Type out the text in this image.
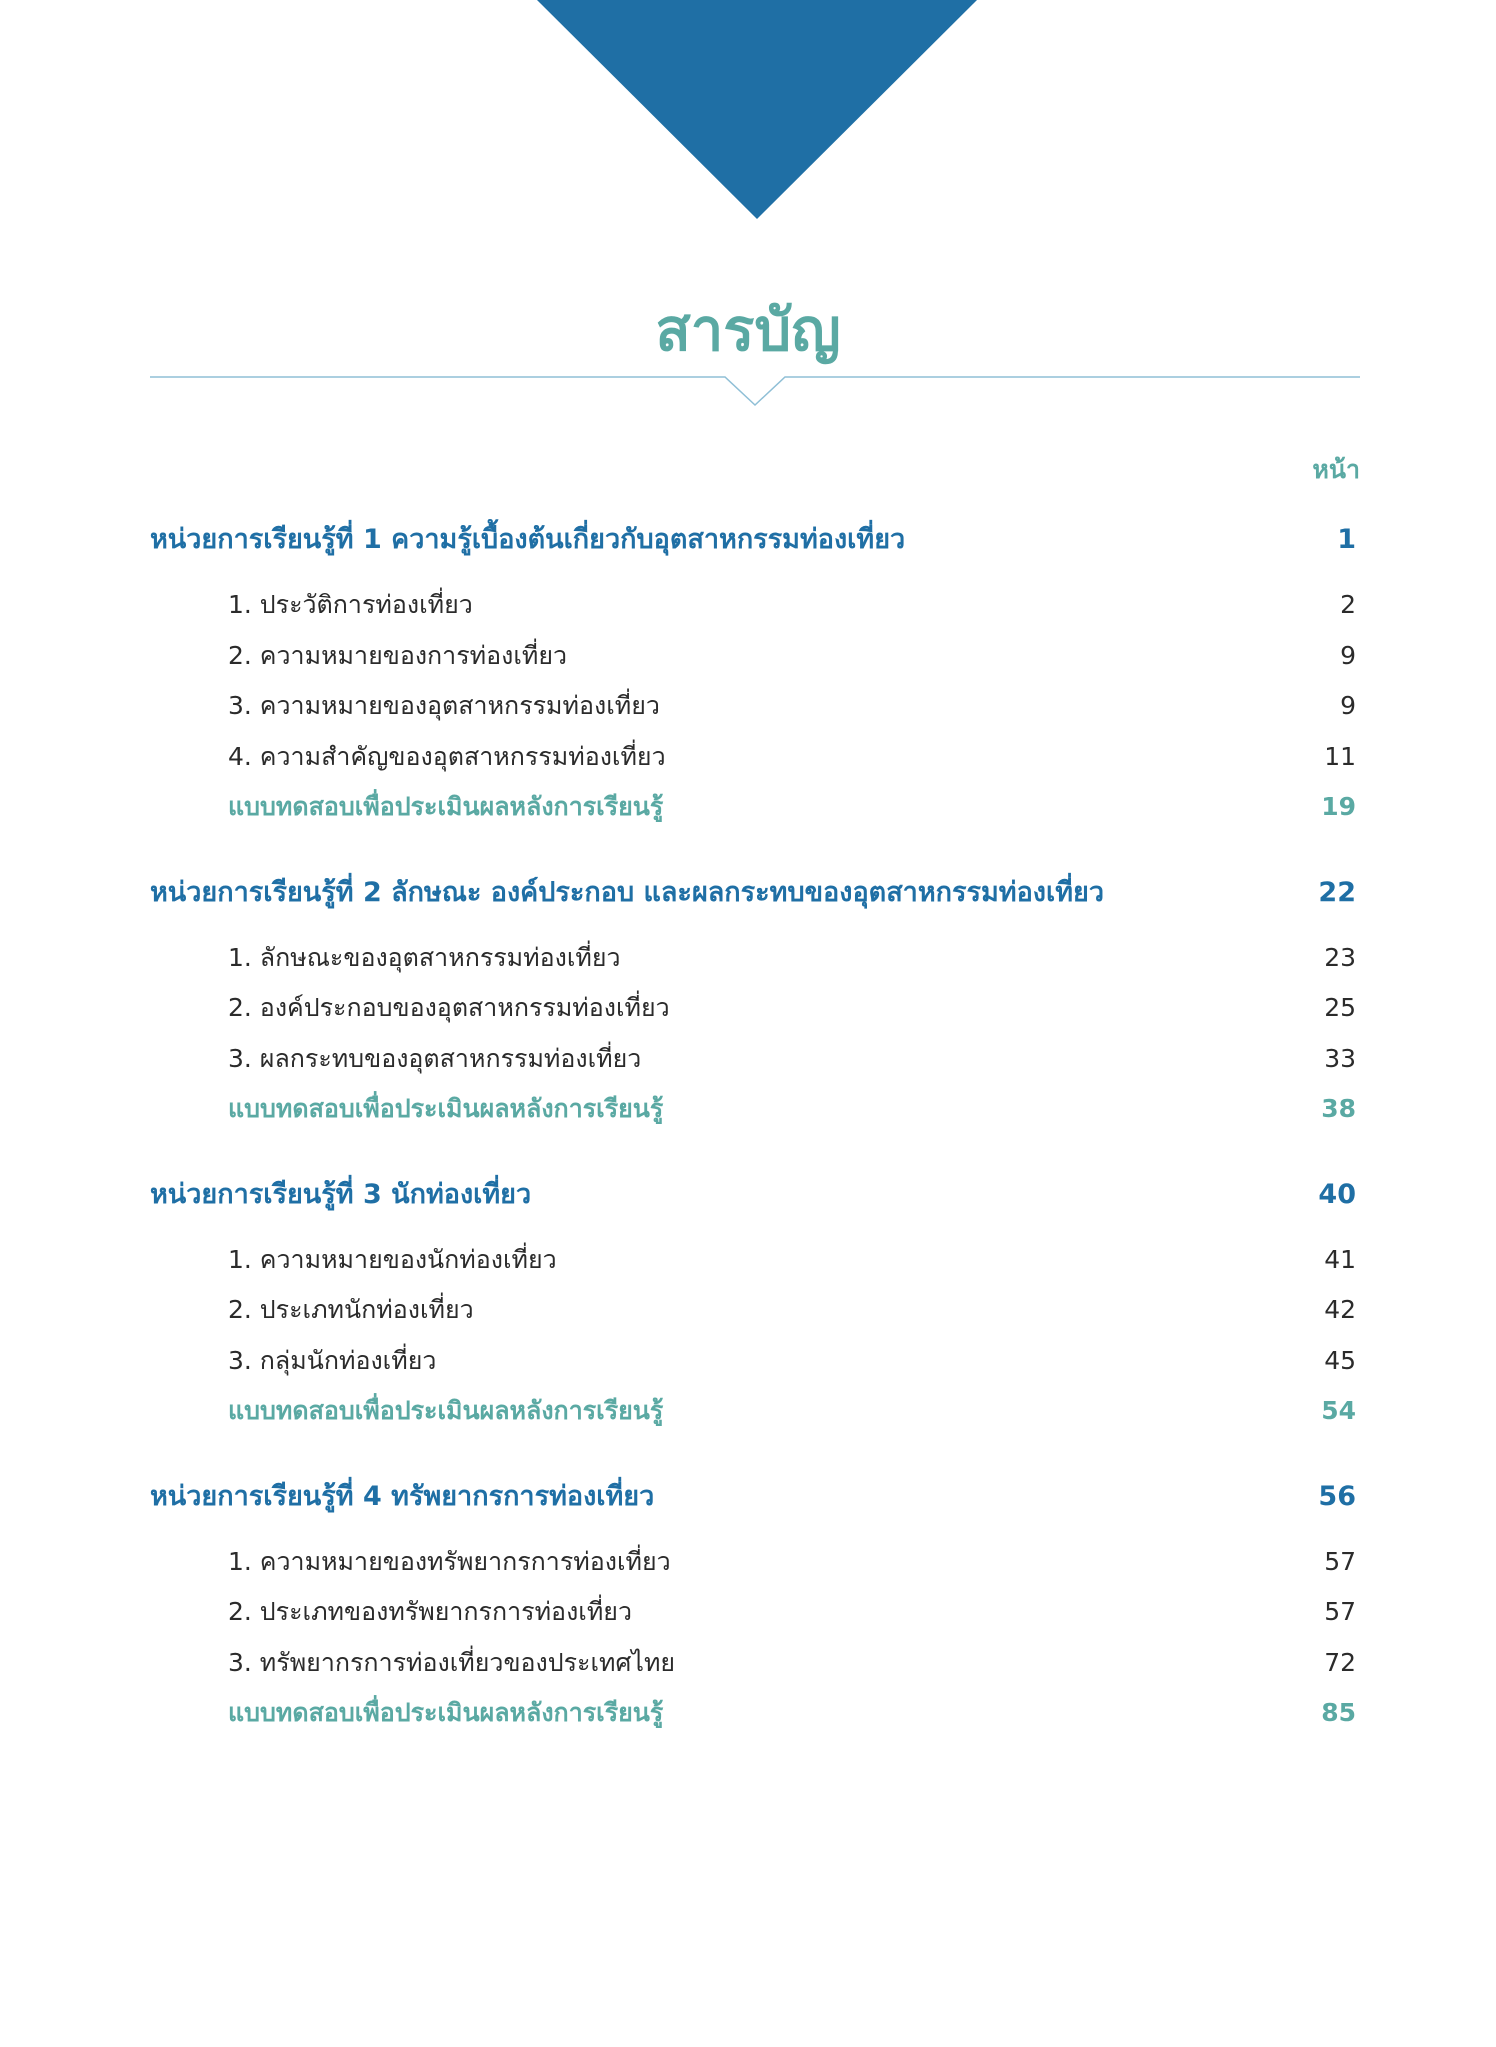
สารบัญ
หน้า
หน่วยการเรียนรู้ที่ 1 ความรู้เบื้องต้นเกี่ยวกับอุตสาหกรรมท่องเที่ยว	1
1. ประวัติการท่องเที่ยว	2
2. ความหมายของการท่องเที่ยว	9
3. ความหมายของอุตสาหกรรมท่องเที่ยว	9
4. ความสำคัญของอุตสาหกรรมท่องเที่ยว	11
แบบทดสอบเพื่อประเมินผลหลังการเรียนรู้	19
หน่วยการเรียนรู้ที่ 2 ลักษณะ องค์ประกอบ และผลกระทบของอุตสาหกรรมท่องเที่ยว	22
1. ลักษณะของอุตสาหกรรมท่องเที่ยว	23
2. องค์ประกอบของอุตสาหกรรมท่องเที่ยว	25
3. ผลกระทบของอุตสาหกรรมท่องเที่ยว	33
แบบทดสอบเพื่อประเมินผลหลังการเรียนรู้	38
หน่วยการเรียนรู้ที่ 3 นักท่องเที่ยว	40
1. ความหมายของนักท่องเที่ยว	41
2. ประเภทนักท่องเที่ยว	42
3. กลุ่มนักท่องเที่ยว	45
แบบทดสอบเพื่อประเมินผลหลังการเรียนรู้	54
หน่วยการเรียนรู้ที่ 4 ทรัพยากรการท่องเที่ยว	56
1. ความหมายของทรัพยากรการท่องเที่ยว	57
2. ประเภทของทรัพยากรการท่องเที่ยว	57
3. ทรัพยากรการท่องเที่ยวของประเทศไทย	72
แบบทดสอบเพื่อประเมินผลหลังการเรียนรู้	85
